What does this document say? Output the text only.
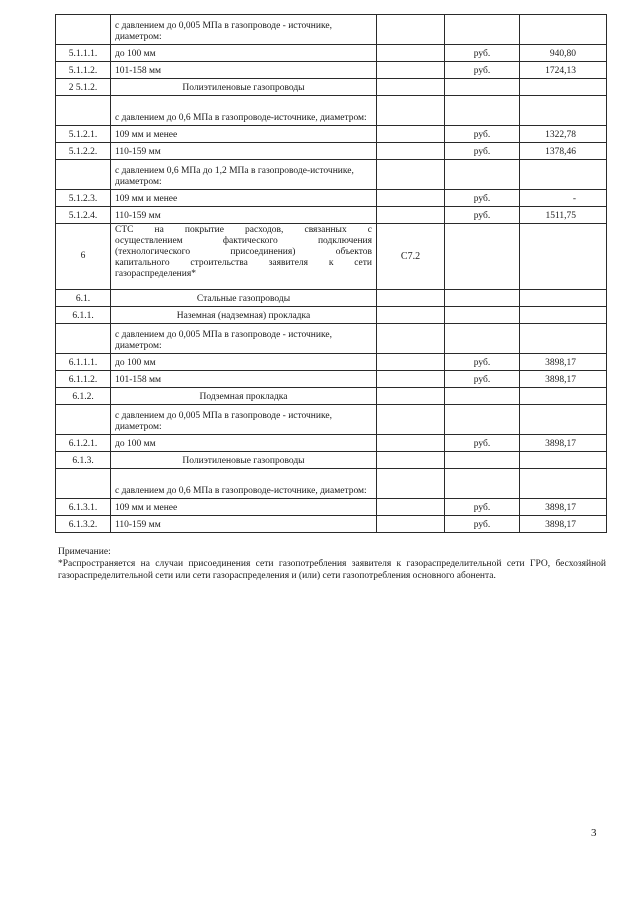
	с давлением до 0,005 МПа в газопроводе - источнике, диаметром:			
5.1.1.1.	до 100 мм		руб.	940,80
5.1.1.2.	101-158 мм		руб.	1724,13
2 5.1.2.	Полиэтиленовые газопроводы			
	с давлением до 0,6 МПа в газопроводе-источнике, диаметром:			
5.1.2.1.	109 мм и менее		руб.	1322,78
5.1.2.2.	110-159 мм		руб.	1378,46
	с давлением 0,6 МПа до 1,2 МПа в газопроводе-источнике, диаметром:			
5.1.2.3.	109 мм и менее		руб.	-
5.1.2.4.	110-159 мм		руб.	1511,75
6	СТС на покрытие расходов, связанных с
осуществлением фактического подключения
(технологического присоединения) объектов
капитального строительства заявителя к сети
газораспределения*	С7.2		
6.1.	Стальные газопроводы			
6.1.1.	Наземная (надземная) прокладка			
	с давлением до 0,005 МПа в газопроводе - источнике, диаметром:			
6.1.1.1.	до 100 мм		руб.	3898,17
6.1.1.2.	101-158 мм		руб.	3898,17
6.1.2.	Подземная прокладка			
	с давлением до 0,005 МПа в газопроводе - источнике, диаметром:			
6.1.2.1.	до 100 мм		руб.	3898,17
6.1.3.	Полиэтиленовые газопроводы			
	с давлением до 0,6 МПа в газопроводе-источнике, диаметром:			
6.1.3.1.	109 мм и менее		руб.	3898,17
6.1.3.2.	110-159 мм		руб.	3898,17

Примечание:

*Распространяется на случаи присоединения сети газопотребления заявителя к газораспределительной сети ГРО, бесхозяйной газораспределительной сети или сети газораспределения и (или) сети газопотребления основного абонента.

3
